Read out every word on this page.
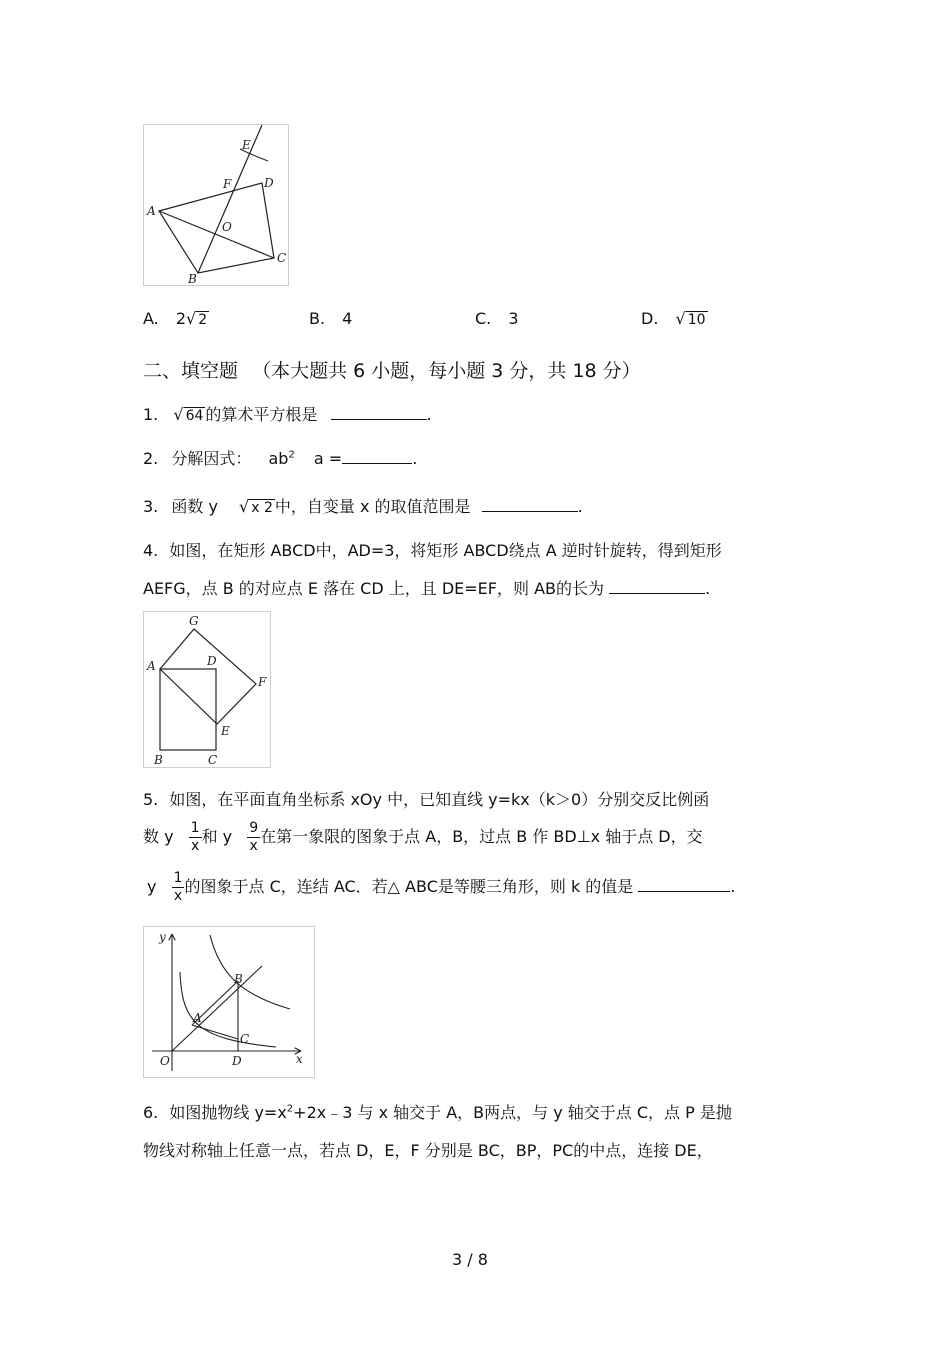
E
F	D
A
O
C
B
A. 2√ 2	B. 4	C. 3	D. √ 10
二、填空题 （本大题共 6 小题，每小题 3 分，共 18 分）
1. √ 64 的算术平方根是	.
2. 分解因式： $ab^2$ a =	.
3. 函数 y √ x 2 中，自变量 x 的取值范围是	.
4. 如图，在矩形 ABCD中，AD=3，将矩形 ABCD绕点 A 逆时针旋转，得到矩形
AEFG，点 B 的对应点 E 落在 CD 上，且 DE=EF，则 AB的长为	.
G
A	D
F
E
B	C
5. 如图，在平面直角坐标系 xOy 中，已知直线 y=kx（k＞0）分别交反比例函
数 y $\frac{1}{x}$ 和 y $\frac{9}{x}$ 在第一象限的图象于点 A，B，过点 B 作 BD⊥x 轴于点 D，交
y $\frac{1}{x}$ 的图象于点 C，连结 AC．若△ ABC是等腰三角形，则 k 的值是	.
y
B
A
C
O	D	x
6. 如图抛物线 $y=x^2+2x﹣3$ 与 x 轴交于 A，B两点，与 y 轴交于点 C，点 P 是抛
物线对称轴上任意一点，若点 D，E，F 分别是 BC，BP，PC的中点，连接 DE，
3 / 8
